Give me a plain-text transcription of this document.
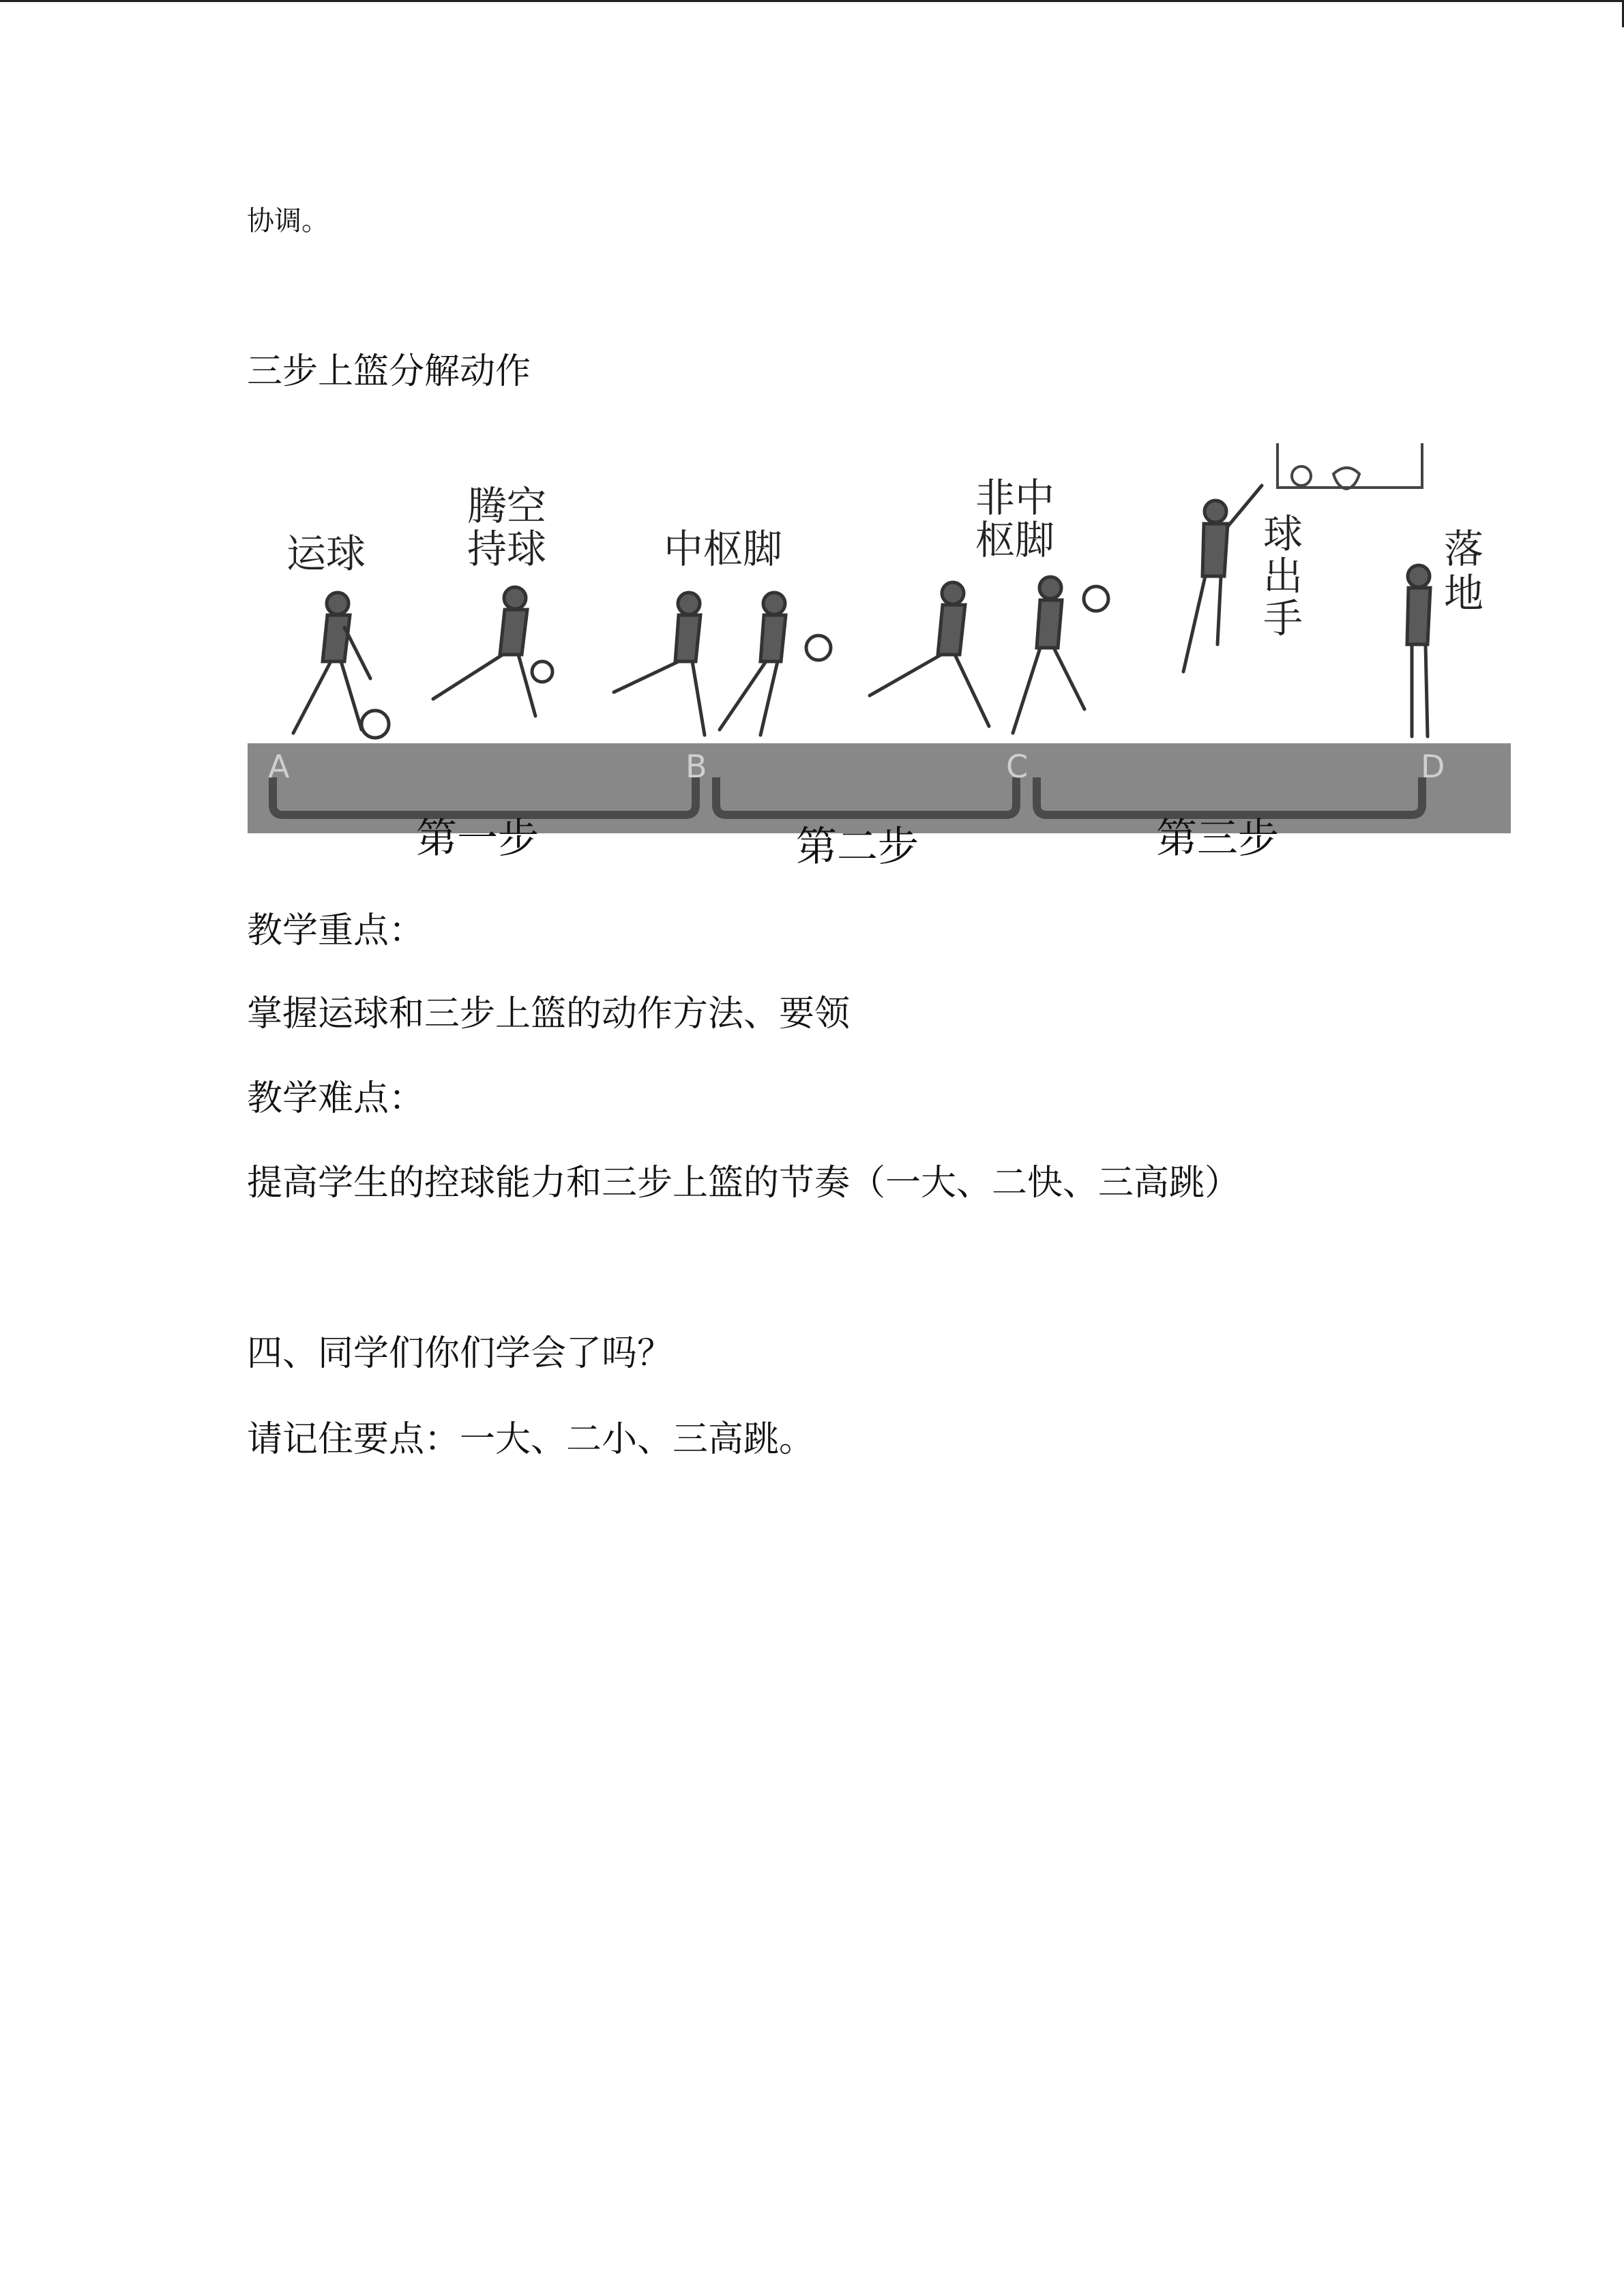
协调。
三步上篮分解动作
A	B	C	D
第一步	第二步	第三步
运球
腾空
持球	中枢脚
非中
枢脚	球
出
手
落
地
教学重点：
掌握运球和三步上篮的动作方法、要领
教学难点：
提高学生的控球能力和三步上篮的节奏（一大、二快、三高跳）
四、同学们你们学会了吗？
请记住要点：一大、二小、三高跳。
